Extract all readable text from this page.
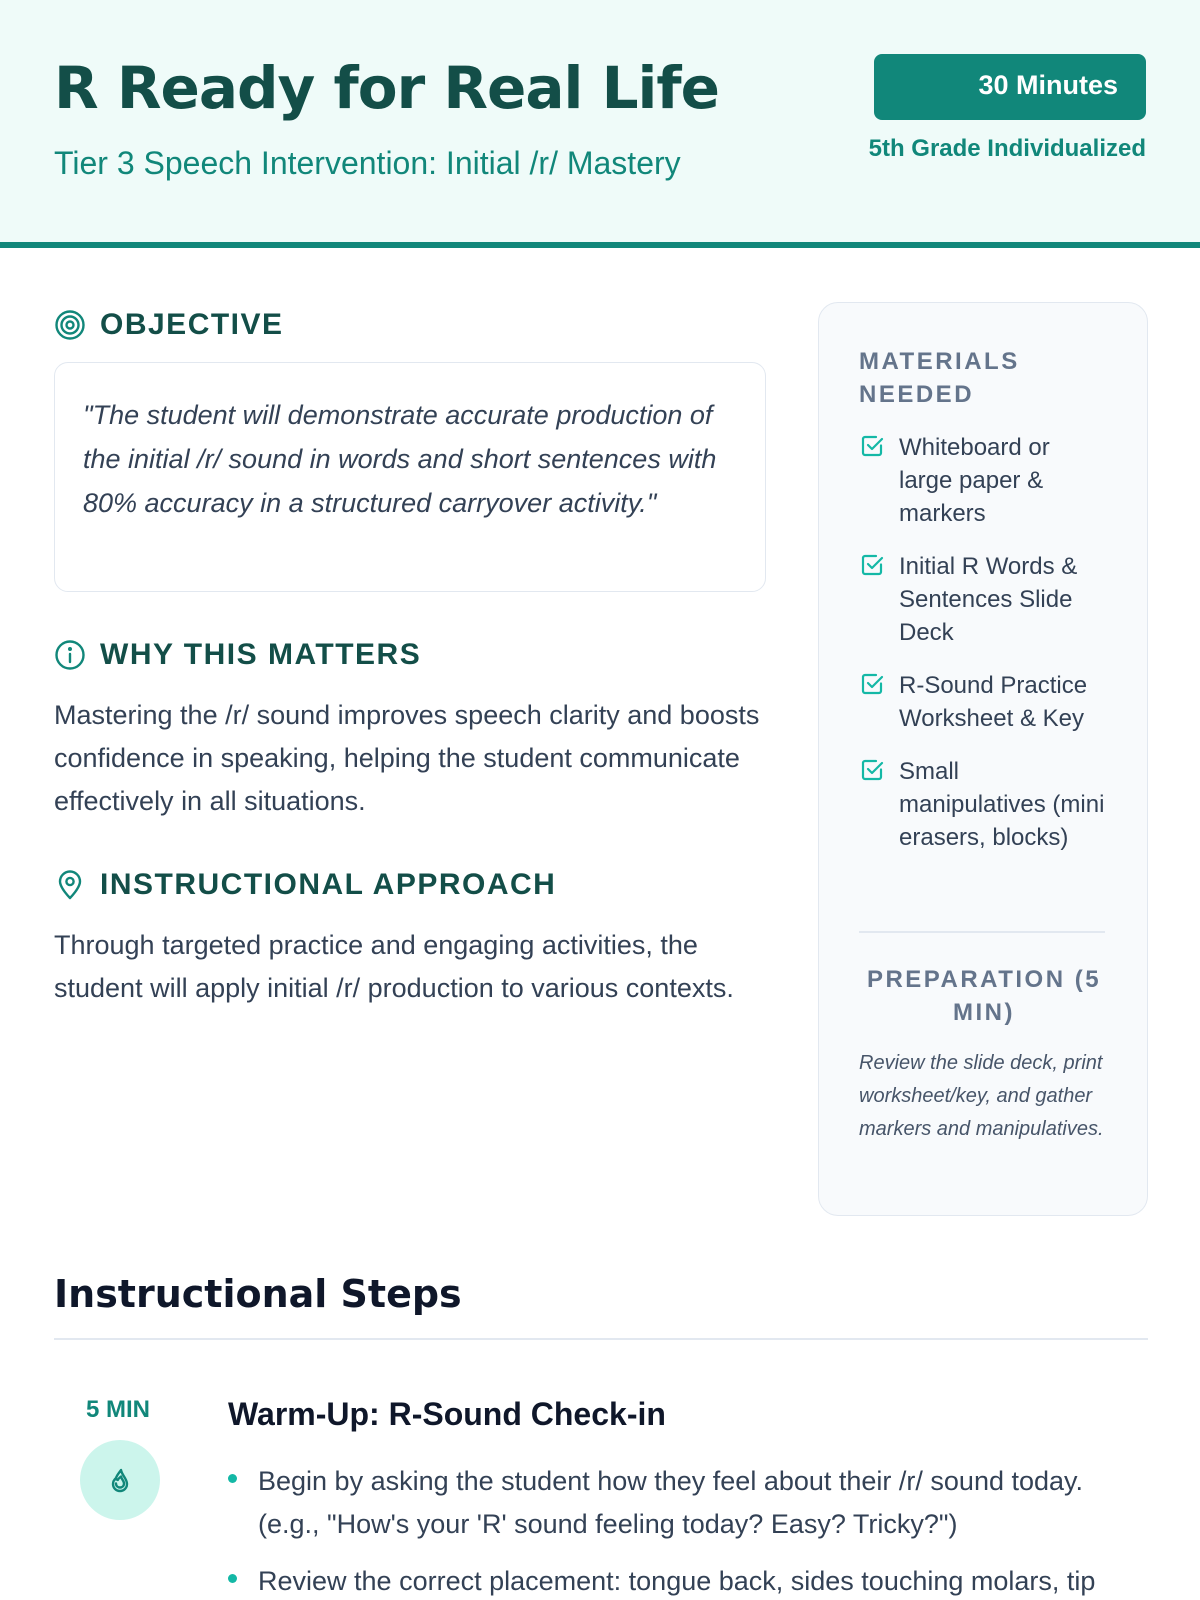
R Ready for Real Life
Tier 3 Speech Intervention: Initial /r/ Mastery
30 Minutes
5th Grade Individualized
OBJECTIVE
"The student will demonstrate accurate production of the initial /r/ sound in words and short sentences with 80% accuracy in a structured carryover activity."
WHY THIS MATTERS

Mastering the /r/ sound improves speech clarity and boosts confidence in speaking, helping the student communicate effectively in all situations.

INSTRUCTIONAL APPROACH

Through targeted practice and engaging activities, the student will apply initial /r/ production to various contexts.

MATERIALS NEEDED
Whiteboard or large paper & markers
Initial R Words & Sentences Slide Deck
R-Sound Practice Worksheet & Key
Small manipulatives (mini erasers, blocks)
PREPARATION (5 MIN)

Review the slide deck, print worksheet/key, and gather markers and manipulatives.

Instructional Steps
5 MIN Warm-Up: R-Sound Check-in
Begin by asking the student how they feel about their /r/ sound today. (e.g., "How's your 'R' sound feeling today? Easy? Tricky?")
Review the correct placement: tongue back, sides touching molars, tip
